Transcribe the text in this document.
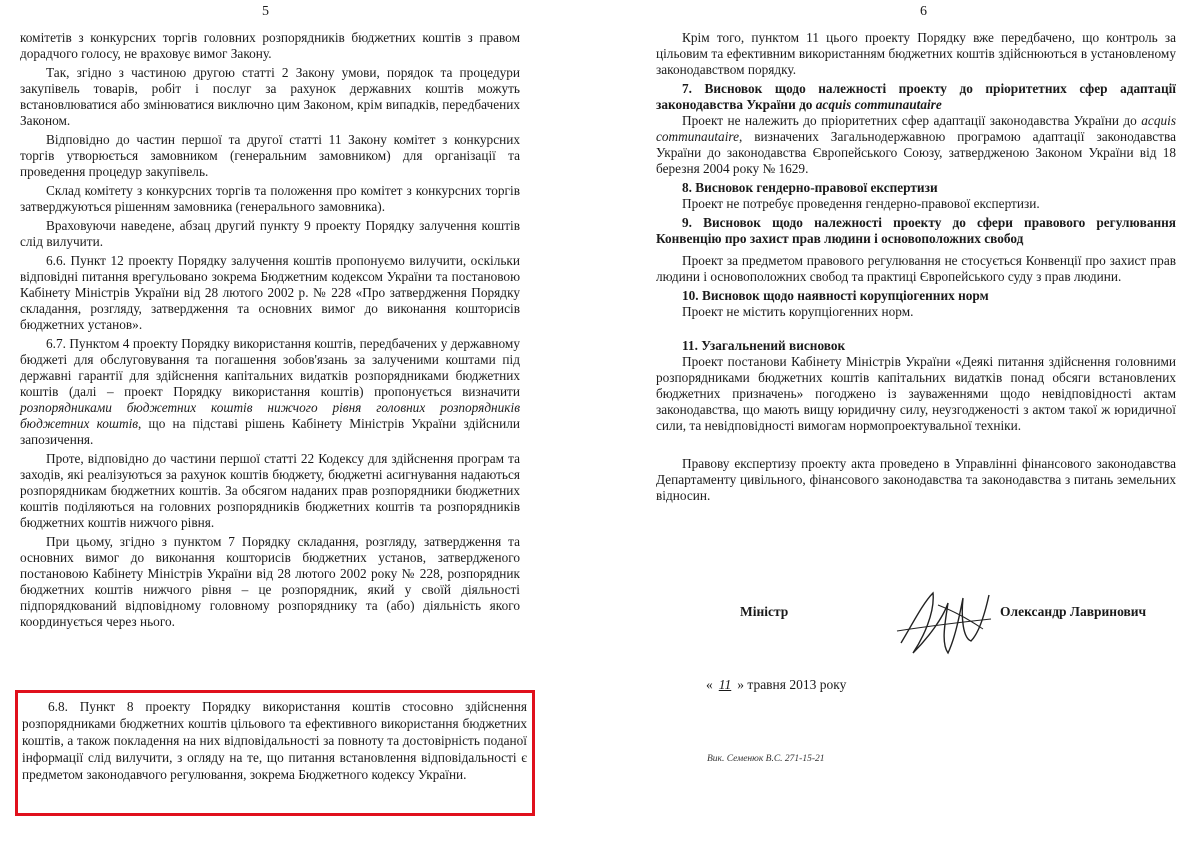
5	6

комітетів з конкурсних торгів головних розпорядників бюджетних коштів з правом дорадчого голосу, не враховує вимог Закону.

Так, згідно з частиною другою статті 2 Закону умови, порядок та процедури закупівель товарів, робіт і послуг за рахунок державних коштів можуть встановлюватися або змінюватися виключно цим Законом, крім випадків, передбачених Законом.

Відповідно до частин першої та другої статті 11 Закону комітет з конкурсних торгів утворюється замовником (генеральним замовником) для організації та проведення процедур закупівель.

Склад комітету з конкурсних торгів та положення про комітет з конкурсних торгів затверджуються рішенням замовника (генерального замовника).

Враховуючи наведене, абзац другий пункту 9 проекту Порядку залучення коштів слід вилучити.

6.6. Пункт 12 проекту Порядку залучення коштів пропонуємо вилучити, оскільки відповідні питання врегульовано зокрема Бюджетним кодексом України та постановою Кабінету Міністрів України від 28 лютого 2002 р. № 228 «Про затвердження Порядку складання, розгляду, затвердження та основних вимог до виконання кошторисів бюджетних установ».

6.7. Пунктом 4 проекту Порядку використання коштів, передбачених у державному бюджеті для обслуговування та погашення зобов'язань за залученими коштами під державні гарантії для здійснення капітальних видатків розпорядниками бюджетних коштів (далі – проект Порядку використання коштів) пропонується визначити розпорядниками бюджетних коштів нижчого рівня головних розпорядників бюджетних коштів, що на підставі рішень Кабінету Міністрів України здійснили запозичення.

Проте, відповідно до частини першої статті 22 Кодексу для здійснення програм та заходів, які реалізуються за рахунок коштів бюджету, бюджетні асигнування надаються розпорядникам бюджетних коштів. За обсягом наданих прав розпорядники бюджетних коштів поділяються на головних розпорядників бюджетних коштів та розпорядників бюджетних коштів нижчого рівня.

При цьому, згідно з пунктом 7 Порядку складання, розгляду, затвердження та основних вимог до виконання кошторисів бюджетних установ, затвердженого постановою Кабінету Міністрів України від 28 лютого 2002 року № 228, розпорядник бюджетних коштів нижчого рівня – це розпорядник, який у своїй діяльності підпорядкований відповідному головному розпоряднику та (або) діяльність якого координується через нього.

6.8. Пункт 8 проекту Порядку використання коштів стосовно здійснення розпорядниками бюджетних коштів цільового та ефективного використання бюджетних коштів, а також покладення на них відповідальності за повноту та достовірність поданої інформації слід вилучити, з огляду на те, що питання встановлення відповідальності є предметом законодавчого регулювання, зокрема Бюджетного кодексу України.

Крім того, пунктом 11 цього проекту Порядку вже передбачено, що контроль за цільовим та ефективним використанням бюджетних коштів здійснюються в установленому законодавством порядку.

7. Висновок щодо належності проекту до пріоритетних сфер адаптації законодавства України до acquis communautaire

Проект не належить до пріоритетних сфер адаптації законодавства України до acquis communautaire, визначених Загальнодержавною програмою адаптації законодавства України до законодавства Європейського Союзу, затвердженою Законом України від 18 березня 2004 року № 1629.

8. Висновок гендерно-правової експертизи

Проект не потребує проведення гендерно-правової експертизи.

9. Висновок щодо належності проекту до сфери правового регулювання Конвенцію про захист прав людини і основоположних свобод

Проект за предметом правового регулювання не стосується Конвенції про захист прав людини і основоположних свобод та практиці Європейського суду з прав людини.

10. Висновок щодо наявності корупціогенних норм

Проект не містить корупціогенних норм.

11. Узагальнений висновок

Проект постанови Кабінету Міністрів України «Деякі питання здійснення головними розпорядниками бюджетних коштів капітальних видатків понад обсяги встановлених бюджетних призначень» погоджено із зауваженнями щодо невідповідності актам законодавства, що мають вищу юридичну силу, неузгодженості з актом такої ж юридичної сили, та невідповідності вимогам нормопроектувальної техніки.

Правову експертизу проекту акта проведено в Управлінні фінансового законодавства Департаменту цивільного, фінансового законодавства та законодавства з питань земельних відносин.

Міністр	Олександр Лавринович
« 11 » травня 2013 року
Вик. Семенюк В.С. 271-15-21
